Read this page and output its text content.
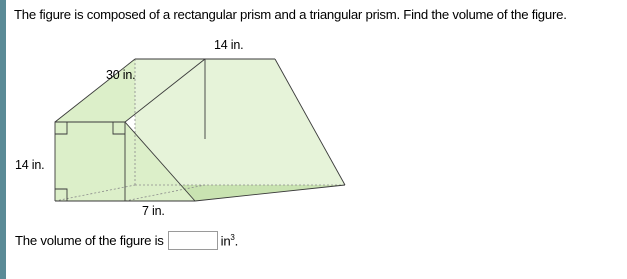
The figure is composed of a rectangular prism and a triangular prism. Find the volume of the figure.
14 in.
30 in.
14 in.
7 in.
The volume of the figure is	$in^3$.
